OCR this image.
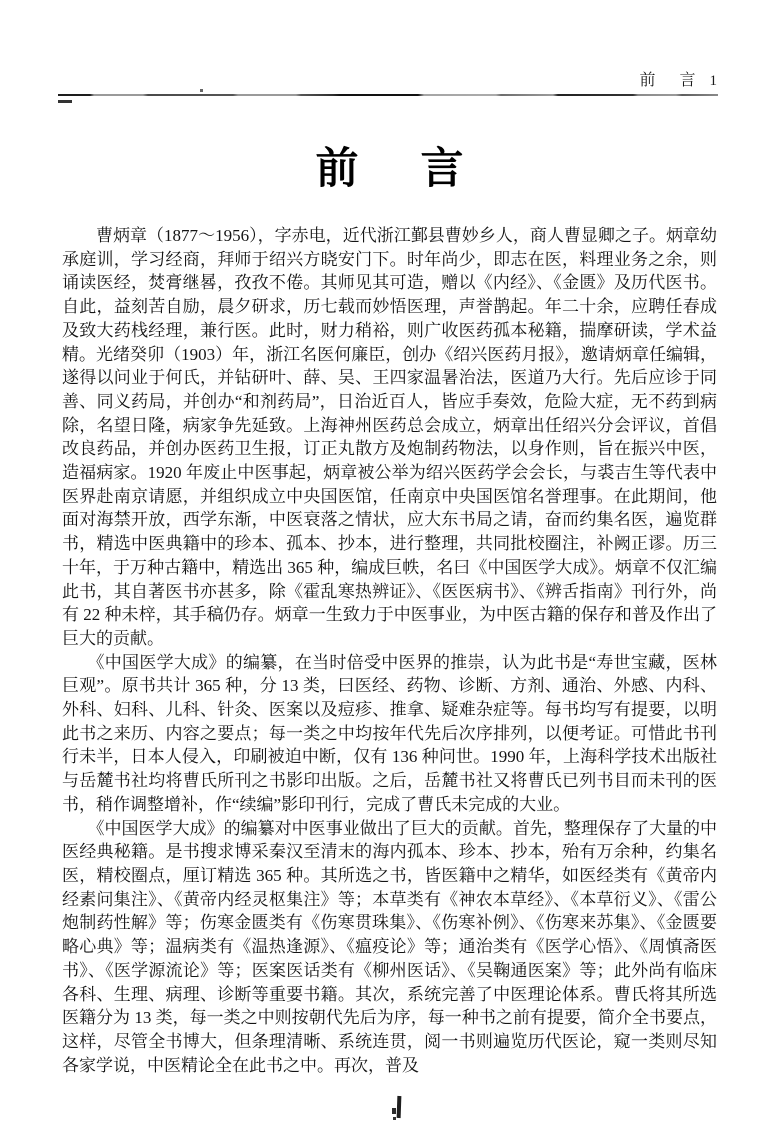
前 言 1
前 言

曹炳章（1877～1956），字赤电，近代浙江鄞县曹妙乡人，商人曹显卿之子。炳章幼承庭训，学习经商，拜师于绍兴方晓安门下。时年尚少，即志在医，料理业务之余，则诵读医经，焚膏继晷，孜孜不倦。其师见其可造，赠以《内经》、《金匮》及历代医书。自此，益刻苦自励，晨夕研求，历七载而妙悟医理，声誉鹊起。年二十余，应聘任春成及致大药栈经理，兼行医。此时，财力稍裕，则广收医药孤本秘籍，揣摩研读，学术益精。光绪癸卯（1903）年，浙江名医何廉臣，创办《绍兴医药月报》，邀请炳章任编辑，遂得以问业于何氏，并钻研叶、薛、吴、王四家温暑治法，医道乃大行。先后应诊于同善、同义药局，并创办“和剂药局”，日治近百人，皆应手奏效，危险大症，无不药到病除，名望日隆，病家争先延致。上海神州医药总会成立，炳章出任绍兴分会评议，首倡改良药品，并创办医药卫生报，订正丸散方及炮制药物法，以身作则，旨在振兴中医，造福病家。1920 年废止中医事起，炳章被公举为绍兴医药学会会长，与裘吉生等代表中医界赴南京请愿，并组织成立中央国医馆，任南京中央国医馆名誉理事。在此期间，他面对海禁开放，西学东渐，中医衰落之情状，应大东书局之请，奋而约集名医，遍览群书，精选中医典籍中的珍本、孤本、抄本，进行整理，共同批校圈注，补阙正谬。历三十年，于万种古籍中，精选出 365 种，编成巨帙，名曰《中国医学大成》。炳章不仅汇编此书，其自著医书亦甚多，除《霍乱寒热辨证》、《医医病书》、《辨舌指南》刊行外，尚有 22 种未梓，其手稿仍存。炳章一生致力于中医事业，为中医古籍的保存和普及作出了巨大的贡献。

《中国医学大成》的编纂，在当时倍受中医界的推崇，认为此书是“寿世宝藏，医林巨观”。原书共计 365 种，分 13 类，曰医经、药物、诊断、方剂、通治、外感、内科、外科、妇科、儿科、针灸、医案以及痘疹、推拿、疑难杂症等。每书均写有提要，以明此书之来历、内容之要点；每一类之中均按年代先后次序排列，以便考证。可惜此书刊行未半，日本人侵入，印刷被迫中断，仅有 136 种问世。1990 年，上海科学技术出版社与岳麓书社均将曹氏所刊之书影印出版。之后，岳麓书社又将曹氏已列书目而未刊的医书，稍作调整增补，作“续编”影印刊行，完成了曹氏未完成的大业。

《中国医学大成》的编纂对中医事业做出了巨大的贡献。首先，整理保存了大量的中医经典秘籍。是书搜求博采秦汉至清末的海内孤本、珍本、抄本，殆有万余种，约集名医，精校圈点，厘订精选 365 种。其所选之书，皆医籍中之精华，如医经类有《黄帝内经素问集注》、《黄帝内经灵枢集注》等；本草类有《神农本草经》、《本草衍义》、《雷公炮制药性解》等；伤寒金匮类有《伤寒贯珠集》、《伤寒补例》、《伤寒来苏集》、《金匮要略心典》等；温病类有《温热逢源》、《瘟疫论》等；通治类有《医学心悟》、《周慎斋医书》、《医学源流论》等；医案医话类有《柳州医话》、《吴鞠通医案》等；此外尚有临床各科、生理、病理、诊断等重要书籍。其次，系统完善了中医理论体系。曹氏将其所选医籍分为 13 类，每一类之中则按朝代先后为序，每一种书之前有提要，简介全书要点，这样，尽管全书博大，但条理清晰、系统连贯，阅一书则遍览历代医论，窥一类则尽知各家学说，中医精论全在此书之中。再次，普及
